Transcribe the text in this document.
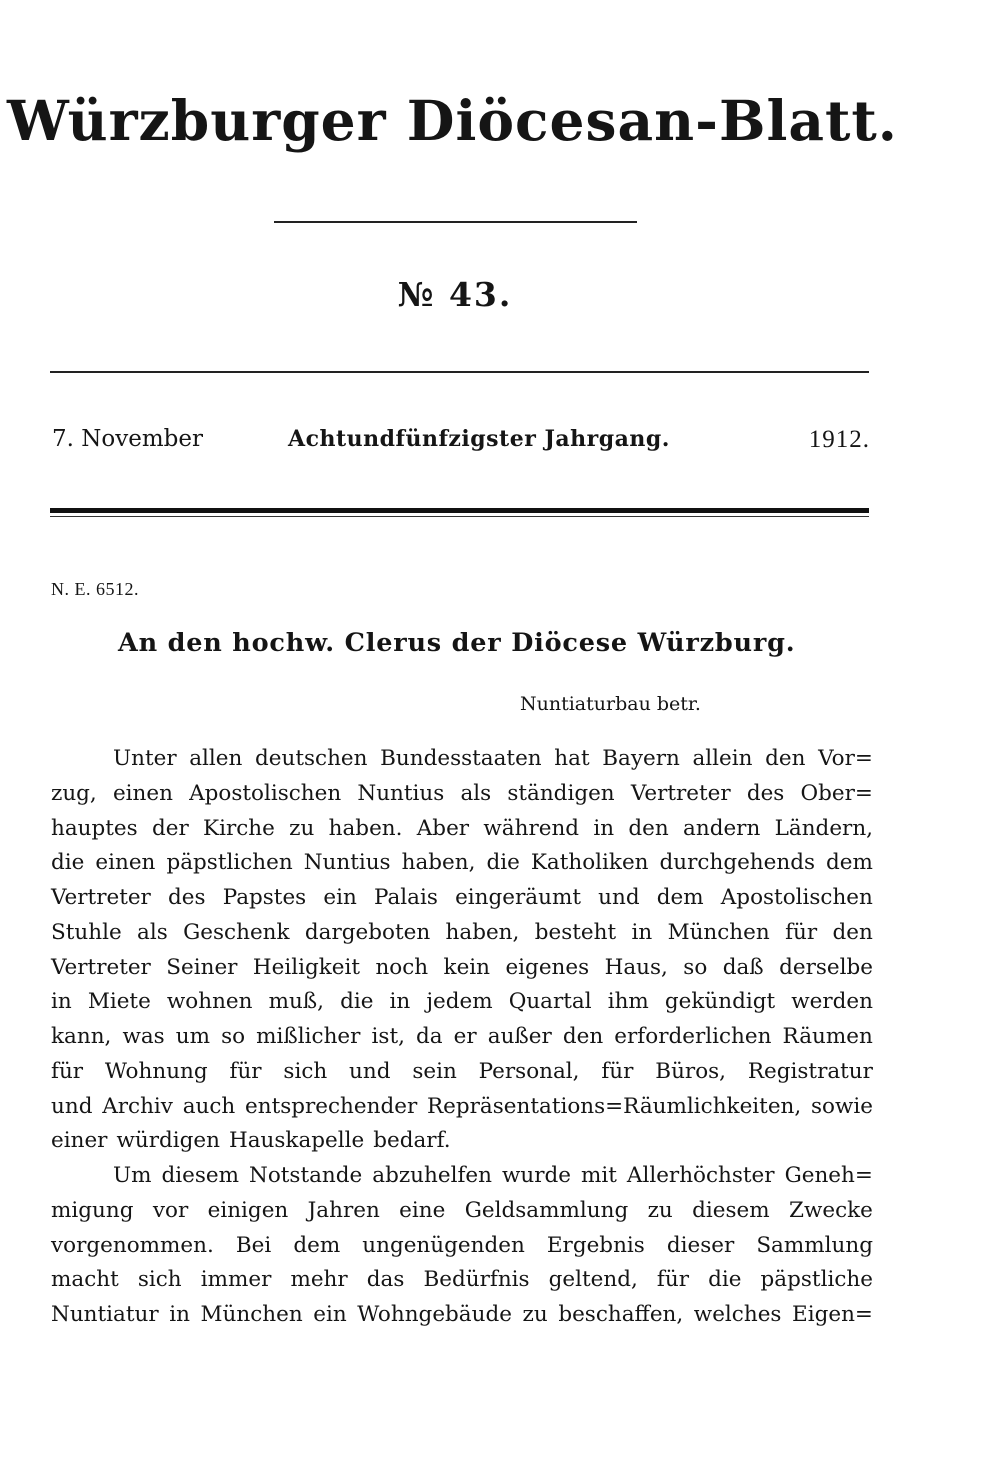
Würzburger Diöcesan-Blatt.
№ 43.
7. November	Achtundfünfzigster Jahrgang.	1912.
N. E. 6512.
An den hochw. Clerus der Diöcese Würzburg.
Nuntiaturbau betr.
Unter allen deutschen Bundesstaaten hat Bayern allein den Vor=
zug, einen Apostolischen Nuntius als ständigen Vertreter des Ober=
hauptes der Kirche zu haben. Aber während in den andern Ländern,
die einen päpstlichen Nuntius haben, die Katholiken durchgehends dem
Vertreter des Papstes ein Palais eingeräumt und dem Apostolischen
Stuhle als Geschenk dargeboten haben, besteht in München für den
Vertreter Seiner Heiligkeit noch kein eigenes Haus, so daß derselbe
in Miete wohnen muß, die in jedem Quartal ihm gekündigt werden
kann, was um so mißlicher ist, da er außer den erforderlichen Räumen
für Wohnung für sich und sein Personal, für Büros, Registratur
und Archiv auch entsprechender Repräsentations=Räumlichkeiten, sowie
einer würdigen Hauskapelle bedarf.
Um diesem Notstande abzuhelfen wurde mit Allerhöchster Geneh=
migung vor einigen Jahren eine Geldsammlung zu diesem Zwecke
vorgenommen. Bei dem ungenügenden Ergebnis dieser Sammlung
macht sich immer mehr das Bedürfnis geltend, für die päpstliche
Nuntiatur in München ein Wohngebäude zu beschaffen, welches Eigen=
